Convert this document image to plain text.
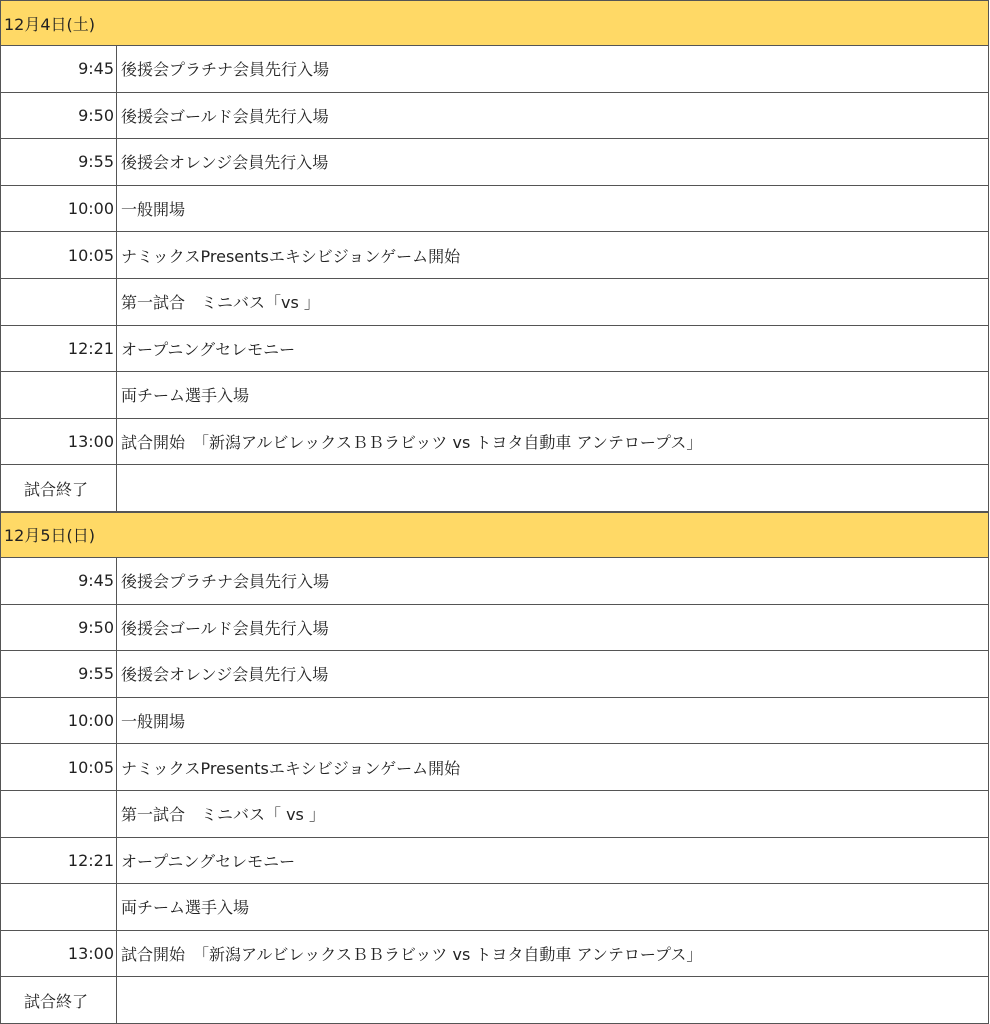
12月4日(土)
9:45 後援会プラチナ会員先行入場
9:50 後援会ゴールド会員先行入場
9:55 後援会オレンジ会員先行入場
10:00 一般開場
10:05 ナミックスPresentsエキシビジョンゲーム開始
第一試合　ミニバス「vs 」
12:21 オープニングセレモニー
両チーム選手入場
13:00 試合開始　「新潟アルビレックスＢＢラビッツ vs トヨタ自動車 アンテロープス」
試合終了
12月5日(日)
9:45 後援会プラチナ会員先行入場
9:50 後援会ゴールド会員先行入場
9:55 後援会オレンジ会員先行入場
10:00 一般開場
10:05 ナミックスPresentsエキシビジョンゲーム開始
第一試合　ミニバス「 vs 」
12:21 オープニングセレモニー
両チーム選手入場
13:00 試合開始　「新潟アルビレックスＢＢラビッツ vs トヨタ自動車 アンテロープス」
試合終了
